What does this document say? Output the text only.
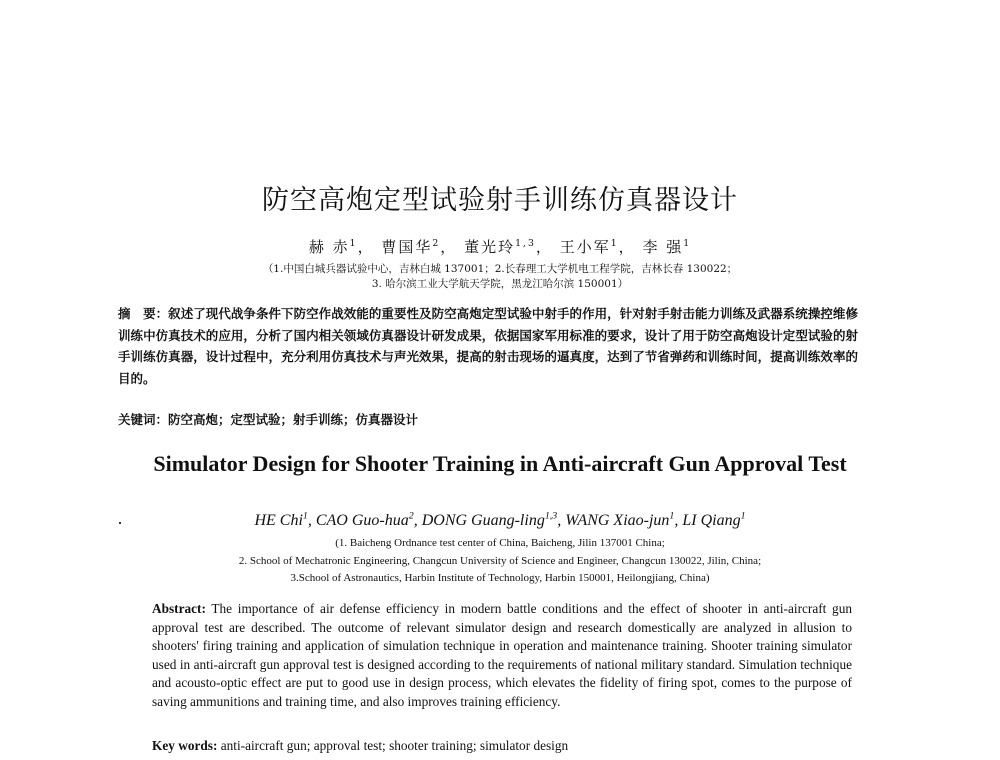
防空高炮定型试验射手训练仿真器设计
赫 赤$^1$， 曹国华$^2$， 董光玲$^{1,3}$， 王小军$^1$， 李 强$^1$
（1.中国白城兵器试验中心，吉林白城 137001；2.长春理工大学机电工程学院，吉林长春 130022；
3. 哈尔滨工业大学航天学院，黑龙江哈尔滨 150001）
摘　要：叙述了现代战争条件下防空作战效能的重要性及防空高炮定型试验中射手的作用，针对射手射击能力训练及武器系统操控维修训练中仿真技术的应用，分析了国内相关领域仿真器设计研发成果，依据国家军用标准的要求，设计了用于防空高炮设计定型试验的射手训练仿真器，设计过程中，充分利用仿真技术与声光效果，提高的射击现场的逼真度，达到了节省弹药和训练时间，提高训练效率的目的。
关键词：防空高炮；定型试验；射手训练；仿真器设计
Simulator Design for Shooter Training in Anti-aircraft Gun Approval Test
HE Chi$^1$, CAO Guo-hua$^2$, DONG Guang-ling$^{1,3}$, WANG Xiao-jun$^1$, LI Qiang$^1$
(1. Baicheng Ordnance test center of China, Baicheng, Jilin 137001 China;
2. School of Mechatronic Engineering, Changcun University of Science and Engineer, Changcun 130022, Jilin, China;
3.School of Astronautics, Harbin Institute of Technology, Harbin 150001, Heilongjiang, China)
Abstract: The importance of air defense efficiency in modern battle conditions and the effect of shooter in anti-aircraft gun approval test are described. The outcome of relevant simulator design and research domestically are analyzed in allusion to shooters' firing training and application of simulation technique in operation and maintenance training. Shooter training simulator used in anti-aircraft gun approval test is designed according to the requirements of national military standard. Simulation technique and acousto-optic effect are put to good use in design process, which elevates the fidelity of firing spot, comes to the purpose of saving ammunitions and training time, and also improves training efficiency.
Key words: anti-aircraft gun; approval test; shooter training; simulator design
